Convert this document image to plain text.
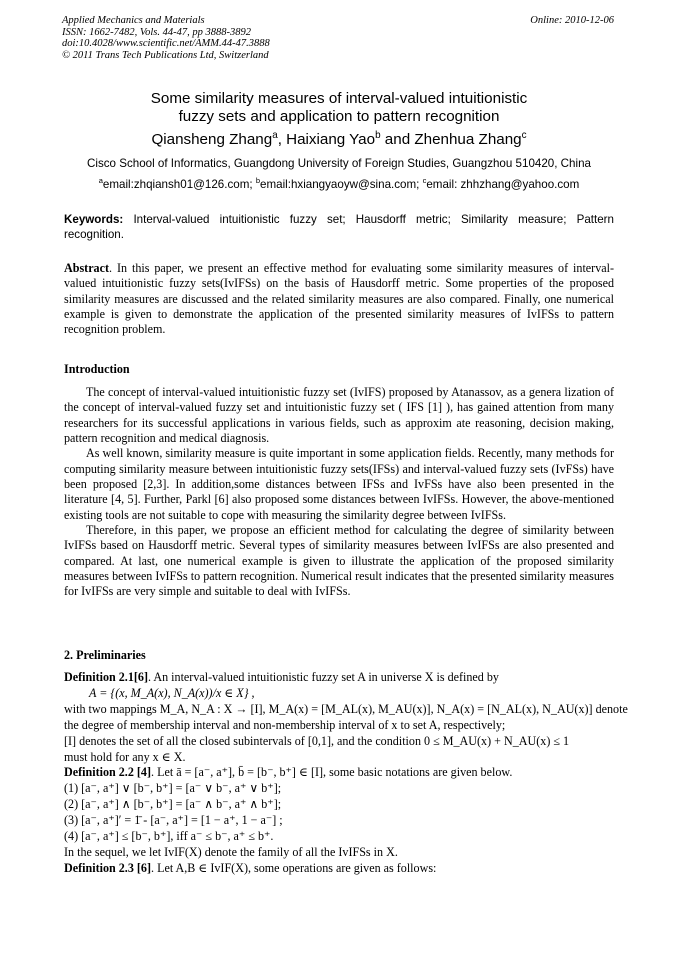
Applied Mechanics and Materials
ISSN: 1662-7482, Vols. 44-47, pp 3888-3892
doi:10.4028/www.scientific.net/AMM.44-47.3888
© 2011 Trans Tech Publications Ltd, Switzerland
Online: 2010-12-06
Some similarity measures of interval-valued intuitionistic
fuzzy sets and application to pattern recognition
Qiansheng Zhang$^a$, Haixiang Yao$^b$ and Zhenhua Zhang$^c$
Cisco School of Informatics, Guangdong University of Foreign Studies, Guangzhou 510420, China
$^a$email:zhqiansh01@126.com; $^b$email:hxiangyaoyw@sina.com; $^c$email: zhhzhang@yahoo.com
Keywords: Interval-valued intuitionistic fuzzy set; Hausdorff metric; Similarity measure; Pattern recognition.
Abstract. In this paper, we present an effective method for evaluating some similarity measures of interval-valued intuitionistic fuzzy sets(IvIFSs) on the basis of Hausdorff metric. Some properties of the proposed similarity measures are discussed and the related similarity measures are also compared. Finally, one numerical example is given to demonstrate the application of the presented similarity measures of IvIFSs to pattern recognition problem.
Introduction

The concept of interval-valued intuitionistic fuzzy set (IvIFS) proposed by Atanassov, as a genera lization of the concept of interval-valued fuzzy set and intuitionistic fuzzy set ( IFS [1] ), has gained attention from many researchers for its successful applications in various fields, such as approxim ate reasoning, decision making, pattern recognition and medical diagnosis.

As well known, similarity measure is quite important in some application fields. Recently, many methods for computing similarity measure between intuitionistic fuzzy sets(IFSs) and interval-valued fuzzy sets (IvFSs) have been proposed [2,3]. In addition,some distances between IFSs and IvFSs have also been presented in the literature [4, 5]. Further, Parkl [6] also proposed some distances between IvIFSs. However, the above-mentioned existing tools are not suitable to cope with measuring the similarity degree between IvIFSs.

Therefore, in this paper, we propose an efficient method for calculating the degree of similarity between IvIFSs based on Hausdorff metric. Several types of similarity measures between IvIFSs are also presented and compared. At last, one numerical example is given to illustrate the application of the proposed similarity measures between IvIFSs to pattern recognition. Numerical result indicates that the presented similarity measures for IvIFSs are very simple and suitable to deal with IvIFSs.

2. Preliminaries
Definition 2.1[6]. An interval-valued intuitionistic fuzzy set A in universe X is defined by
A = {(x, M_A(x), N_A(x))/x ∈ X} ,
with two mappings M_A, N_A : X → [I], M_A(x) = [M_AL(x), M_AU(x)], N_A(x) = [N_AL(x), N_AU(x)] denote
the degree of membership interval and non-membership interval of x to set A, respectively;
[I] denotes the set of all the closed subintervals of [0,1], and the condition 0 ≤ M_AU(x) + N_AU(x) ≤ 1
must hold for any x ∈ X.
Definition 2.2 [4]. Let ā = [a⁻, a⁺], b̄ = [b⁻, b⁺] ∈ [I], some basic notations are given below.
(1) [a⁻, a⁺] ∨ [b⁻, b⁺] = [a⁻ ∨ b⁻, a⁺ ∨ b⁺];
(2) [a⁻, a⁺] ∧ [b⁻, b⁺] = [a⁻ ∧ b⁻, a⁺ ∧ b⁺];
(3) [a⁻, a⁺]′ = 1̄ - [a⁻, a⁺] = [1 − a⁺, 1 − a⁻] ;
(4) [a⁻, a⁺] ≤ [b⁻, b⁺], iff a⁻ ≤ b⁻, a⁺ ≤ b⁺.
In the sequel, we let IvIF(X) denote the family of all the IvIFSs in X.
Definition 2.3 [6]. Let A,B ∈ IvIF(X), some operations are given as follows:
